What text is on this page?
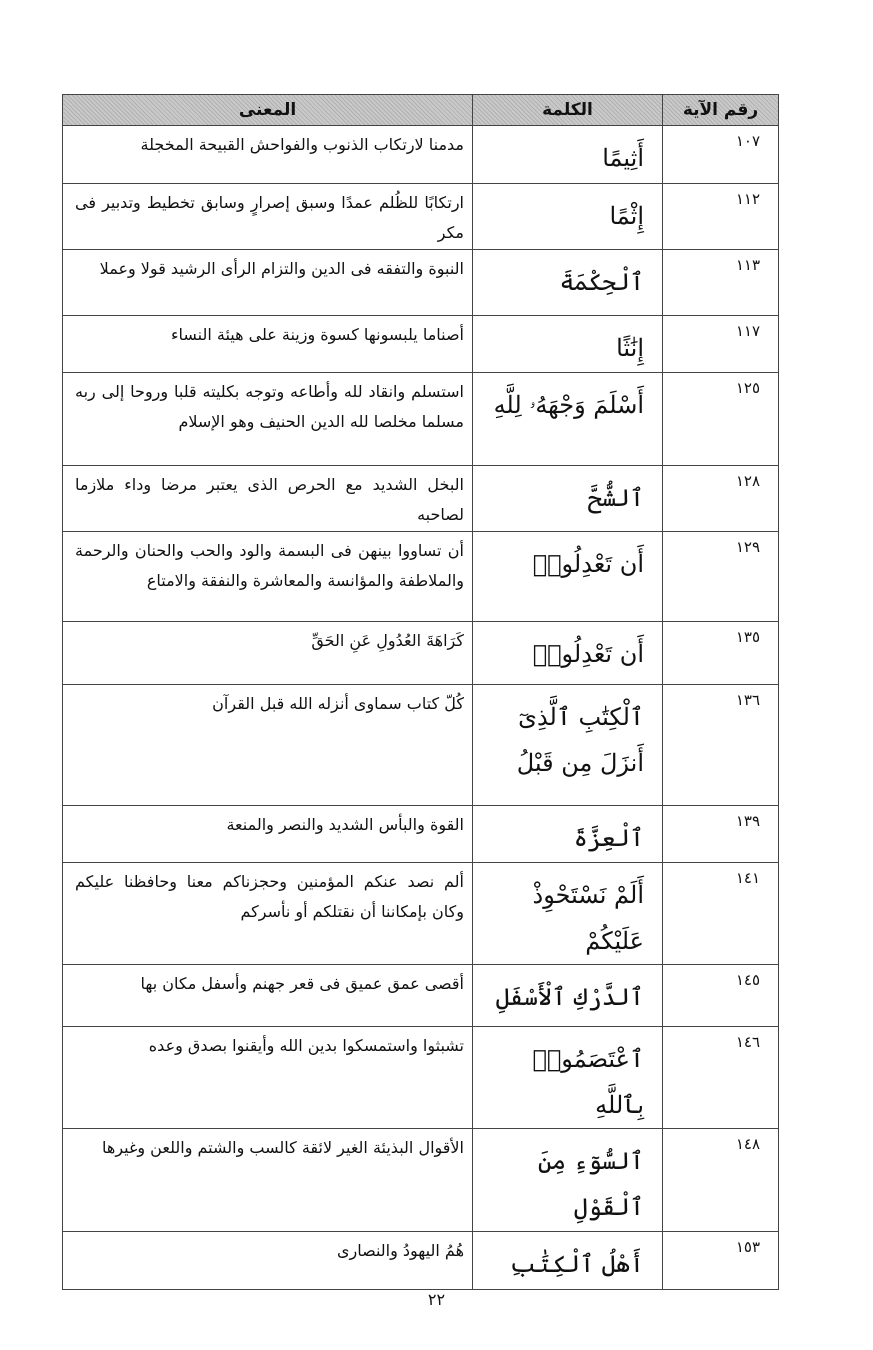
رقم الآية	الكلمة	المعنى

١٠٧	أَثِيمًا	مدمنا لارتكاب الذنوب والفواحش القبيحة المخجلة

١١٢	إِثْمًا	ارتكابًا للظُلم عمدًا وسبق إصرارٍ وسابق تخطيط وتدبير فى مكر

١١٣	ٱلْحِكْمَةَ	النبوة والتفقه فى الدين والتزام الرأى الرشيد قولا وعملا

١١٧	إِنَٰثًا	أصناما يلبسونها كسوة وزينة على هيئة النساء

١٢٥	أَسْلَمَ وَجْهَهُۥ لِلَّهِ	استسلم وانقاد لله وأطاعه وتوجه بكليته قلبا وروحا إلى ربه مسلما مخلصا لله الدين الحنيف وهو الإسلام

١٢٨	ٱلشُّحَّ	البخل الشديد مع الحرص الذى يعتبر مرضا وداء ملازما لصاحبه

١٢٩	أَن تَعْدِلُوا۟	أن تساووا بينهن فى البسمة والود والحب والحنان والرحمة والملاطفة والمؤانسة والمعاشرة والنفقة والامتاع

١٣٥	أَن تَعْدِلُوا۟	كَرَاهَةَ العُدُولِ عَنِ الحَقِّ

١٣٦	ٱلْكِتَٰبِ ٱلَّذِىٓ أَنزَلَ مِن قَبْلُ	كُلّ كتاب سماوى أنزله الله قبل القرآن

١٣٩	ٱلْعِزَّةَ	القوة والبأس الشديد والنصر والمنعة

١٤١	أَلَمْ نَسْتَحْوِذْ عَلَيْكُمْ	ألم نصد عنكم المؤمنين وحجزناكم معنا وحافظنا عليكم وكان بإمكاننا أن نقتلكم أو نأسركم

١٤٥	ٱلدَّرْكِ ٱلْأَسْفَلِ	أقصى عمق عميق فى قعر جهنم وأسفل مكان بها

١٤٦	ٱعْتَصَمُوا۟ بِٱللَّهِ	تشبثوا واستمسكوا بدين الله وأيقنوا بصدق وعده

١٤٨	ٱلسُّوٓءِ مِنَ ٱلْقَوْلِ	الأقوال البذيئة الغير لائقة كالسب والشتم واللعن وغيرها

١٥٣	أَهْلُ ٱلْكِتَٰبِ	هُمُ اليهودُ والنصارى
٢٢
